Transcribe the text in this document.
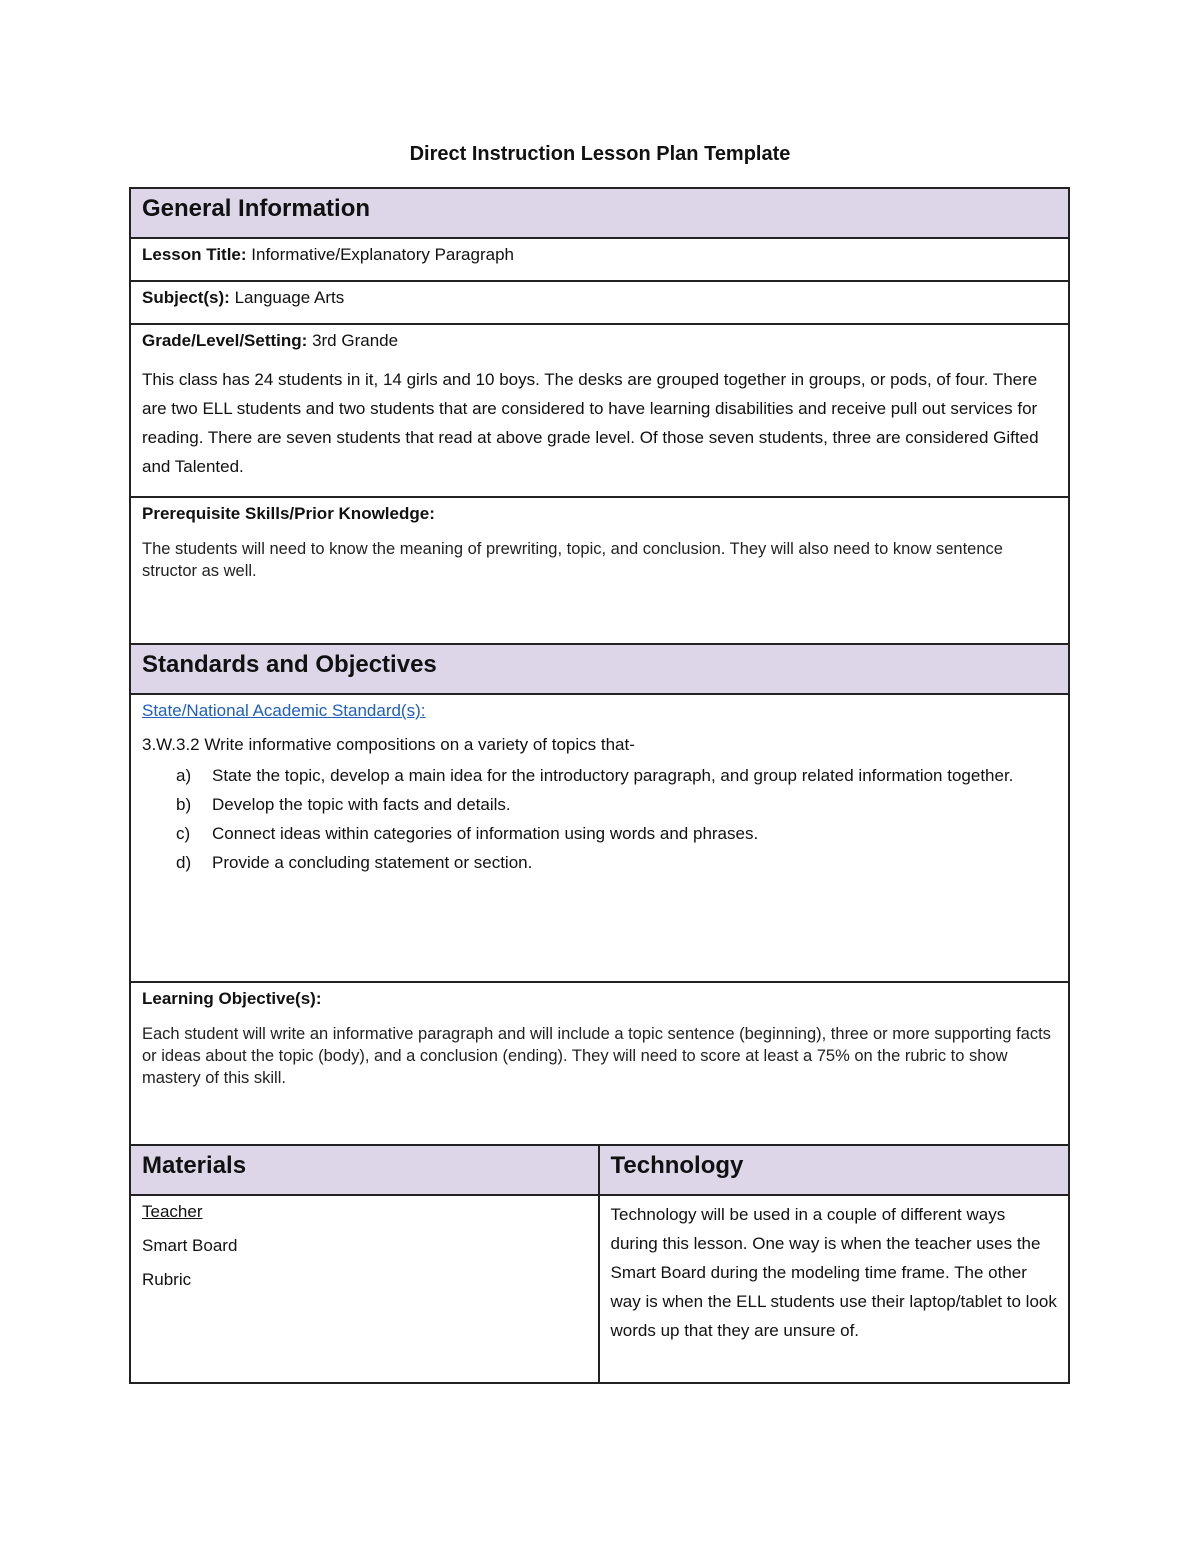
Direct Instruction Lesson Plan Template
General Information
Lesson Title: Informative/Explanatory Paragraph
Subject(s): Language Arts
Grade/Level/Setting: 3rd Grande
This class has 24 students in it, 14 girls and 10 boys. The desks are grouped together in groups, or pods, of four. There are two ELL students and two students that are considered to have learning disabilities and receive pull out services for reading. There are seven students that read at above grade level. Of those seven students, three are considered Gifted and Talented.
Prerequisite Skills/Prior Knowledge:
The students will need to know the meaning of prewriting, topic, and conclusion. They will also need to know sentence structor as well.
Standards and Objectives
State/National Academic Standard(s):
3.W.3.2 Write informative compositions on a variety of topics that-
a) State the topic, develop a main idea for the introductory paragraph, and group related information together.
b) Develop the topic with facts and details.
c) Connect ideas within categories of information using words and phrases.
d) Provide a concluding statement or section.
Learning Objective(s):
Each student will write an informative paragraph and will include a topic sentence (beginning), three or more supporting facts or ideas about the topic (body), and a conclusion (ending). They will need to score at least a 75% on the rubric to show mastery of this skill.
Materials	Technology
Teacher
Smart Board
Rubric
Technology will be used in a couple of different ways during this lesson. One way is when the teacher uses the Smart Board during the modeling time frame. The other way is when the ELL students use their laptop/tablet to look words up that they are unsure of.
